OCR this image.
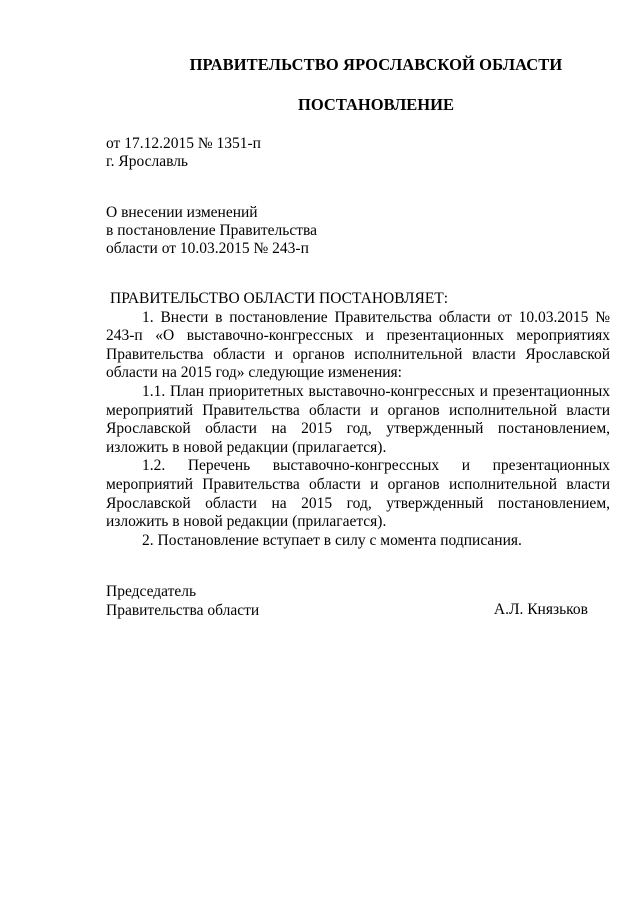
ПРАВИТЕЛЬСТВО ЯРОСЛАВСКОЙ ОБЛАСТИ
ПОСТАНОВЛЕНИЕ
от 17.12.2015 № 1351-п
г. Ярославль
О внесении изменений
в постановление Правительства
области от 10.03.2015 № 243-п

ПРАВИТЕЛЬСТВО ОБЛАСТИ ПОСТАНОВЛЯЕТ:

1. Внести в постановление Правительства области от 10.03.2015 № 243-п «О выставочно-конгрессных и презентационных мероприятиях Правительства области и органов исполнительной власти Ярославской области на 2015 год» следующие изменения:

1.1. План приоритетных выставочно-конгрессных и презентационных мероприятий Правительства области и органов исполнительной власти Ярославской области на 2015 год, утвержденный постановлением, изложить в новой редакции (прилагается).

1.2. Перечень выставочно-конгрессных и презентационных мероприятий Правительства области и органов исполнительной власти Ярославской области на 2015 год, утвержденный постановлением, изложить в новой редакции (прилагается).

2. Постановление вступает в силу с момента подписания.

Председатель
Правительства области	А.Л. Князьков
